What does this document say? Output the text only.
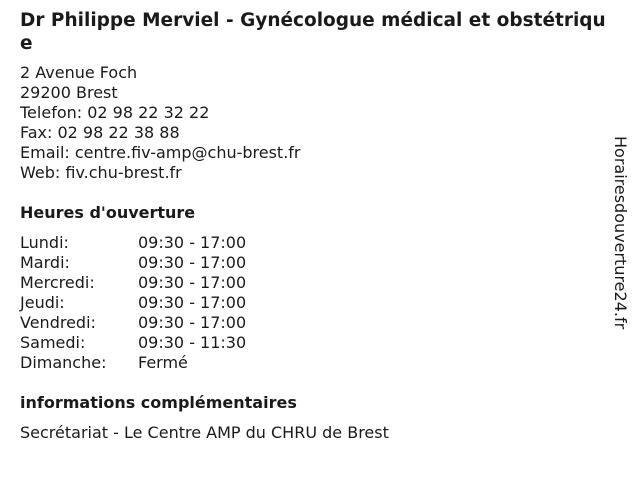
Dr Philippe Merviel - Gynécologue médical et obstétrique
2 Avenue Foch
29200 Brest
Telefon: 02 98 22 32 22
Fax: 02 98 22 38 88
Email: centre.fiv-amp@chu-brest.fr
Web: fiv.chu-brest.fr
Heures d'ouverture
Lundi:	09:30 - 17:00
Mardi:	09:30 - 17:00
Mercredi:	09:30 - 17:00
Jeudi:	09:30 - 17:00
Vendredi:	09:30 - 17:00
Samedi:	09:30 - 11:30
Dimanche:	Fermé
informations complémentaires
Secrétariat - Le Centre AMP du CHRU de Brest
Horairesdouverture24.fr
